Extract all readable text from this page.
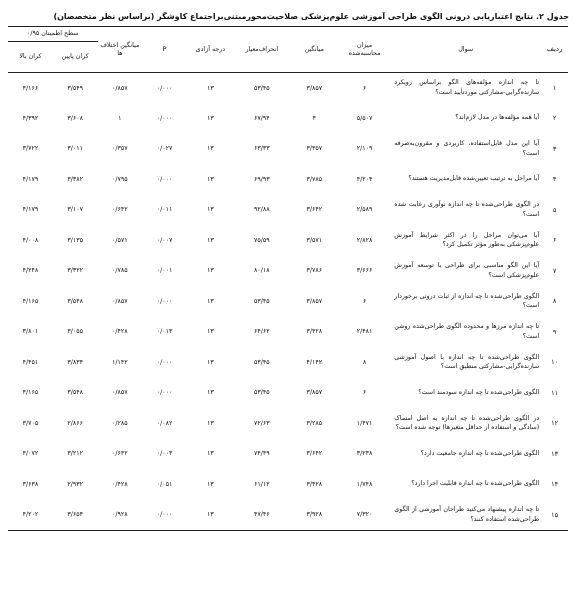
جدول ۲. نتایج اعتباریابی درونی الگوی طراحی آموزشی علوم‌پزشکی صلاحیت‌محورمبتنی‌براجتماع کاوشگر (براساس نظر متخصصان)
ردیف	سوال	میزان محاسبه‌شده	میانگین	انحراف‌معیار	درجه آزادی	P	میانگین اختلاف ها	سطح اطمینان ۰/۹۵	
								کران پایین	کران بالا
۱	تا چه اندازه مؤلفه‌های الگو براساس رویکرد سازنده‌گرایی-مشارکتی مورد‌تأیید است؟	۶	۳/۸۵۷	۵۳/۴۵	۱۳	۰/۰۰۰	۰/۸۵۷	۳/۵۴۹	۴/۱۶۶
۲	آیا همه مؤلفه‌ها در مدل لازم‌اند؟	۵/۵۰۷	۴	۶۷/۹۴	۱۳	۰/۰۰۰	۱	۳/۶۰۸	۴/۳۹۲
۳	آیا این مدل قابل‌استفاده، کاربردی و مقرون‌به‌صرفه است؟	۲/۱۰۹	۳/۳۵۷	۶۳/۳۳	۱۳	۰/۰۲۷	۰/۳۵۷	۳/۰۱۱	۳/۷۲۲
۴	آیا مراحل به ترتیب تعیین‌شده قابل‌مدیریت هستند؟	۴/۲۰۴	۳/۷۸۵	۶۹/۹۳	۱۳	۰/۰۰۰	۰/۷۹۵	۳/۳۸۲	۴/۱۷۹
۵	در الگوی طراحی‌شده تا چه اندازه نوآوری رعایت شده است؟	۲/۵۸۹	۳/۶۴۲	۹۲/۸۸	۱۳	۰/۰۱۱	۰/۶۴۲	۳/۱۰۷	۴/۱۷۹
۶	آیا می‌توان مراحل را در اکثر شرایط آموزش علوم‌پزشکی به‌طور مؤثر تکمیل کرد؟	۲/۸۲۸	۳/۵۷۱	۷۵/۵۹	۱۳	۰/۰۰۷	۰/۵۷۱	۳/۱۳۵	۴/۰۰۸
۷	آیا این الگو مناسبی برای طراحی با توسعه آموزش علوم‌پزشکی است؟	۳/۶۶۶	۳/۷۸۶	۸۰/۱۸	۱۳	۰/۰۰۱	۰/۷۸۵	۳/۳۲۲	۴/۲۴۸
۸	الگوی طراحی‌شده تا چه اندازه از ثبات درونی برخوردار است؟	۶	۳/۸۵۷	۵۳/۴۵	۱۳	۰/۰۰۰	۰/۸۵۷	۳/۵۴۸	۴/۱۶۵
۹	تا چه اندازه مرزها و محدوده الگوی طراحی‌شده روشن است؟	۲/۴۸۱	۳/۴۲۸	۶۴/۶۲	۱۳	۰/۰۱۳	۰/۴۲۸	۳/۰۵۵	۳/۸۰۱
۱۰	الگوی طراحی‌شده تا چه اندازه با اصول آموزشی سازنده‌گرایی-مشارکتی منطبق است؟	۸	۴/۱۴۲	۵۳/۴۵	۱۳	۰/۰۰۰	۱/۱۴۲	۳/۸۳۴	۴/۴۵۱
۱۱	الگوی طراحی‌شده تا چه اندازه سودمند است؟	۶	۳/۸۵۷	۵۳/۴۵	۱۳	۰/۰۰۰	۰/۸۵۷	۳/۵۴۸	۴/۱۶۵
۱۲	در الگوی طراحی‌شده تا چه اندازه به اصل امساک (سادگی و استفاده از حداقل متغیرها) توجه شده است؟	۱/۴۷۱	۳/۲۸۵	۷۲/۶۳	۱۳	۰/۰۸۲	۰/۲۸۵	۲/۸۶۶	۳/۷۰۵
۱۳	الگوی طراحی‌شده تا چه اندازه جامعیت دارد؟	۳/۲۳۸	۳/۶۴۲	۷۴/۴۹	۱۳	۰/۰۰۳	۰/۶۴۲	۳/۲۱۲	۴/۰۷۲
۱۴	الگوی طراحی‌شده تا چه اندازه قابلیت اجرا دارد؟	۱/۷۴۸	۳/۴۲۸	۶۱/۱۲	۱۳	۰/۰۵۱	۰/۴۲۸	۲/۹۳۲	۳/۶۳۸
۱۵	تا چه اندازه پیشنهاد می‌کنید طراحان آموزشی از الگوی طراحی‌شده استفاده کنند؟	۷/۳۲۰	۳/۹۲۸	۴۷/۴۶	۱۳	۰/۰۰۰	۰/۹۲۸	۳/۶۵۴	۴/۲۰۲
